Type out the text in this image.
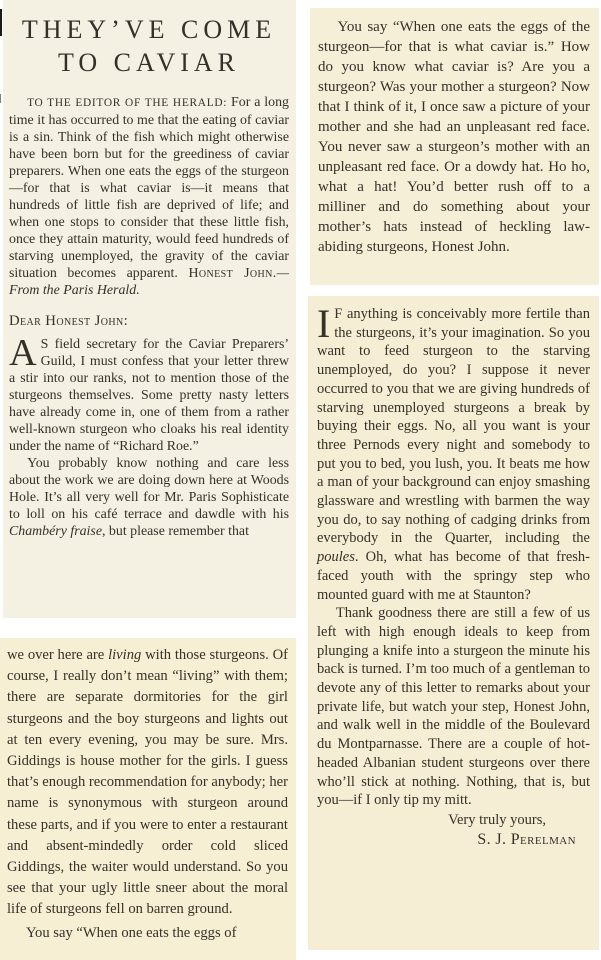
THEY’VE COME
TO CAVIAR

TO THE EDITOR OF THE HERALD: For a long time it has occurred to me that the eating of caviar is a sin. Think of the fish which might otherwise have been born but for the greediness of caviar preparers. When one eats the eggs of the sturgeon—for that is what caviar is—it means that hundreds of little fish are deprived of life; and when one stops to consider that these little fish, once they attain maturity, would feed hundreds of starving unemployed, the gravity of the caviar situation becomes apparent. Honest John.—From the Paris Herald.

Dear Honest John:

A S field secretary for the Caviar Preparers’ Guild, I must confess that your letter threw a stir into our ranks, not to mention those of the sturgeons themselves. Some pretty nasty letters have already come in, one of them from a rather well-known sturgeon who cloaks his real identity under the name of “Richard Roe.”

You probably know nothing and care less about the work we are doing down here at Woods Hole. It’s all very well for Mr. Paris Sophisticate to loll on his café terrace and dawdle with his Chambéry fraise, but please remember that

we over here are living with those sturgeons. Of course, I really don’t mean “living” with them; there are separate dormitories for the girl sturgeons and the boy sturgeons and lights out at ten every evening, you may be sure. Mrs. Giddings is house mother for the girls. I guess that’s enough recommendation for anybody; her name is synonymous with sturgeon around these parts, and if you were to enter a restaurant and absent-mindedly order cold sliced Giddings, the waiter would understand. So you see that your ugly little sneer about the moral life of sturgeons fell on barren ground.

You say “When one eats the eggs of

You say “When one eats the eggs of the sturgeon—for that is what caviar is.” How do you know what caviar is? Are you a sturgeon? Was your mother a sturgeon? Now that I think of it, I once saw a picture of your mother and she had an unpleasant red face. You never saw a sturgeon’s mother with an unpleasant red face. Or a dowdy hat. Ho ho, what a hat! You’d better rush off to a milliner and do something about your mother’s hats instead of heckling law-abiding sturgeons, Honest John.

I F anything is conceivably more fertile than the sturgeons, it’s your imagination. So you want to feed sturgeon to the starving unemployed, do you? I suppose it never occurred to you that we are giving hundreds of starving unemployed sturgeons a break by buying their eggs. No, all you want is your three Pernods every night and somebody to put you to bed, you lush, you. It beats me how a man of your background can enjoy smashing glassware and wrestling with barmen the way you do, to say nothing of cadging drinks from everybody in the Quarter, including the poules. Oh, what has become of that fresh-faced youth with the springy step who mounted guard with me at Staunton?

Thank goodness there are still a few of us left with high enough ideals to keep from plunging a knife into a sturgeon the minute his back is turned. I’m too much of a gentleman to devote any of this letter to remarks about your private life, but watch your step, Honest John, and walk well in the middle of the Boulevard du Montparnasse. There are a couple of hot-headed Albanian student sturgeons over there who’ll stick at nothing. Nothing, that is, but you—if I only tip my mitt.

Very truly yours,

S. J. Perelman
